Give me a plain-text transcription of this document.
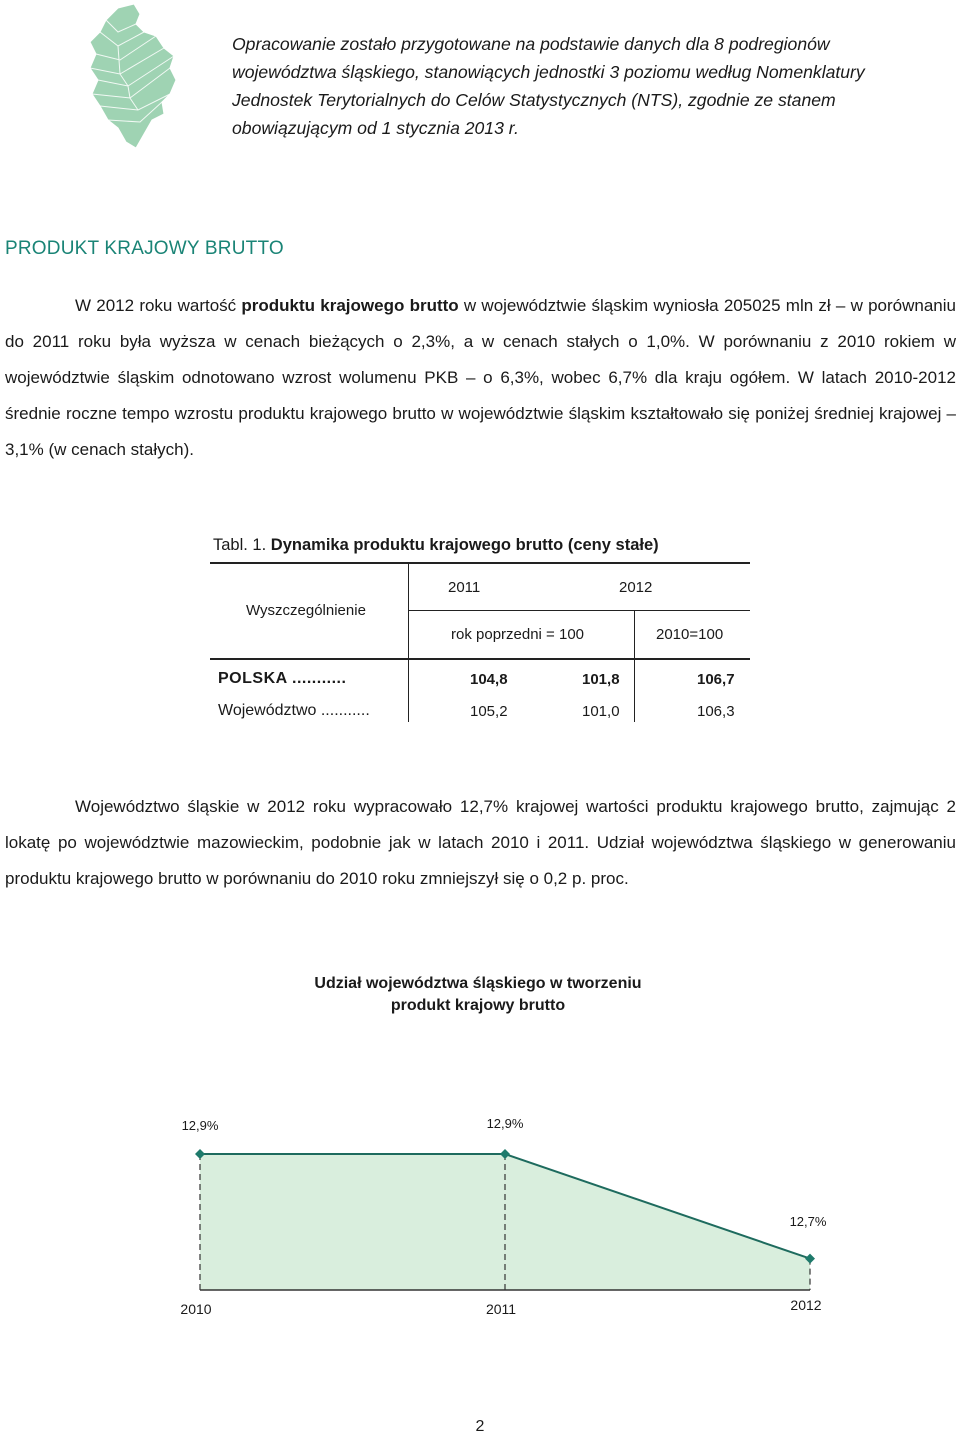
Opracowanie zostało przygotowane na podstawie danych dla 8 podregionów
województwa śląskiego, stanowiących jednostki 3 poziomu według Nomenklatury
Jednostek Terytorialnych do Celów Statystycznych (NTS), zgodnie ze stanem
obowiązującym od 1 stycznia 2013 r.
PRODUKT KRAJOWY BRUTTO

W 2012 roku wartość produktu krajowego brutto w województwie śląskim wyniosła 205025 mln zł – w porównaniu do 2011 roku była wyższa w cenach bieżących o 2,3%, a w cenach stałych o 1,0%. W porównaniu z 2010 rokiem w województwie śląskim odnotowano wzrost wolumenu PKB – o 6,3%, wobec 6,7% dla kraju ogółem. W latach 2010-2012 średnie roczne tempo wzrostu produktu krajowego brutto w województwie śląskim kształtowało się poniżej średniej krajowej – 3,1% (w cenach stałych).

Tabl. 1. Dynamika produktu krajowego brutto (ceny stałe)
Wyszczególnienie
2011	2012
rok poprzedni = 100	2010=100
POLSKA ...........	104,8	101,8	106,7
Województwo ...........	105,2	101,0	106,3

Województwo śląskie w 2012 roku wypracowało 12,7% krajowej wartości produktu krajowego brutto, zajmując 2 lokatę po województwie mazowieckim, podobnie jak w latach 2010 i 2011. Udział województwa śląskiego w generowaniu produktu krajowego brutto w porównaniu do 2010 roku zmniejszył się o 0,2 p. proc.

Udział województwa śląskiego w tworzeniu
produkt krajowy brutto
12,9%	12,9%
12,7%
2010	2011	2012
2
